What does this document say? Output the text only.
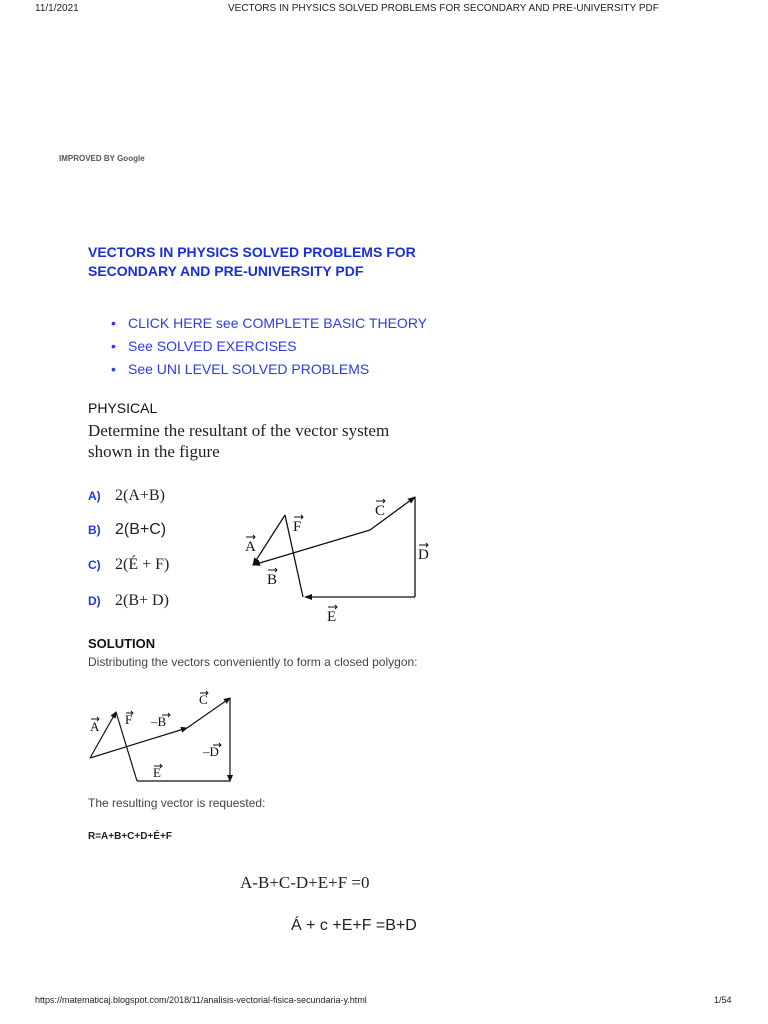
11/1/2021	VECTORS IN PHYSICS SOLVED PROBLEMS FOR SECONDARY AND PRE-UNIVERSITY PDF
IMPROVED BY Google
VECTORS IN PHYSICS SOLVED PROBLEMS FOR SECONDARY AND PRE-UNIVERSITY PDF
• CLICK HERE see COMPLETE BASIC THEORY
• See SOLVED EXERCISES
• See UNI LEVEL SOLVED PROBLEMS
PHYSICAL
Determine the resultant of the vector system
shown in the figure
A) 2(A+B)
B) 2(B+C)
C) 2(É + F)
D) 2(B+ D)
A
F
B
C
D
E
SOLUTION
Distributing the vectors conveniently to form a closed polygon:
A F –B
C
–D
E
The resulting vector is requested:
R=A+B+C+D+É+F
A-B+C-D+E+F =0
Á + c +E+F =B+D
https://matematicaj.blogspot.com/2018/11/analisis-vectorial-fisica-secundaria-y.html	1/54
